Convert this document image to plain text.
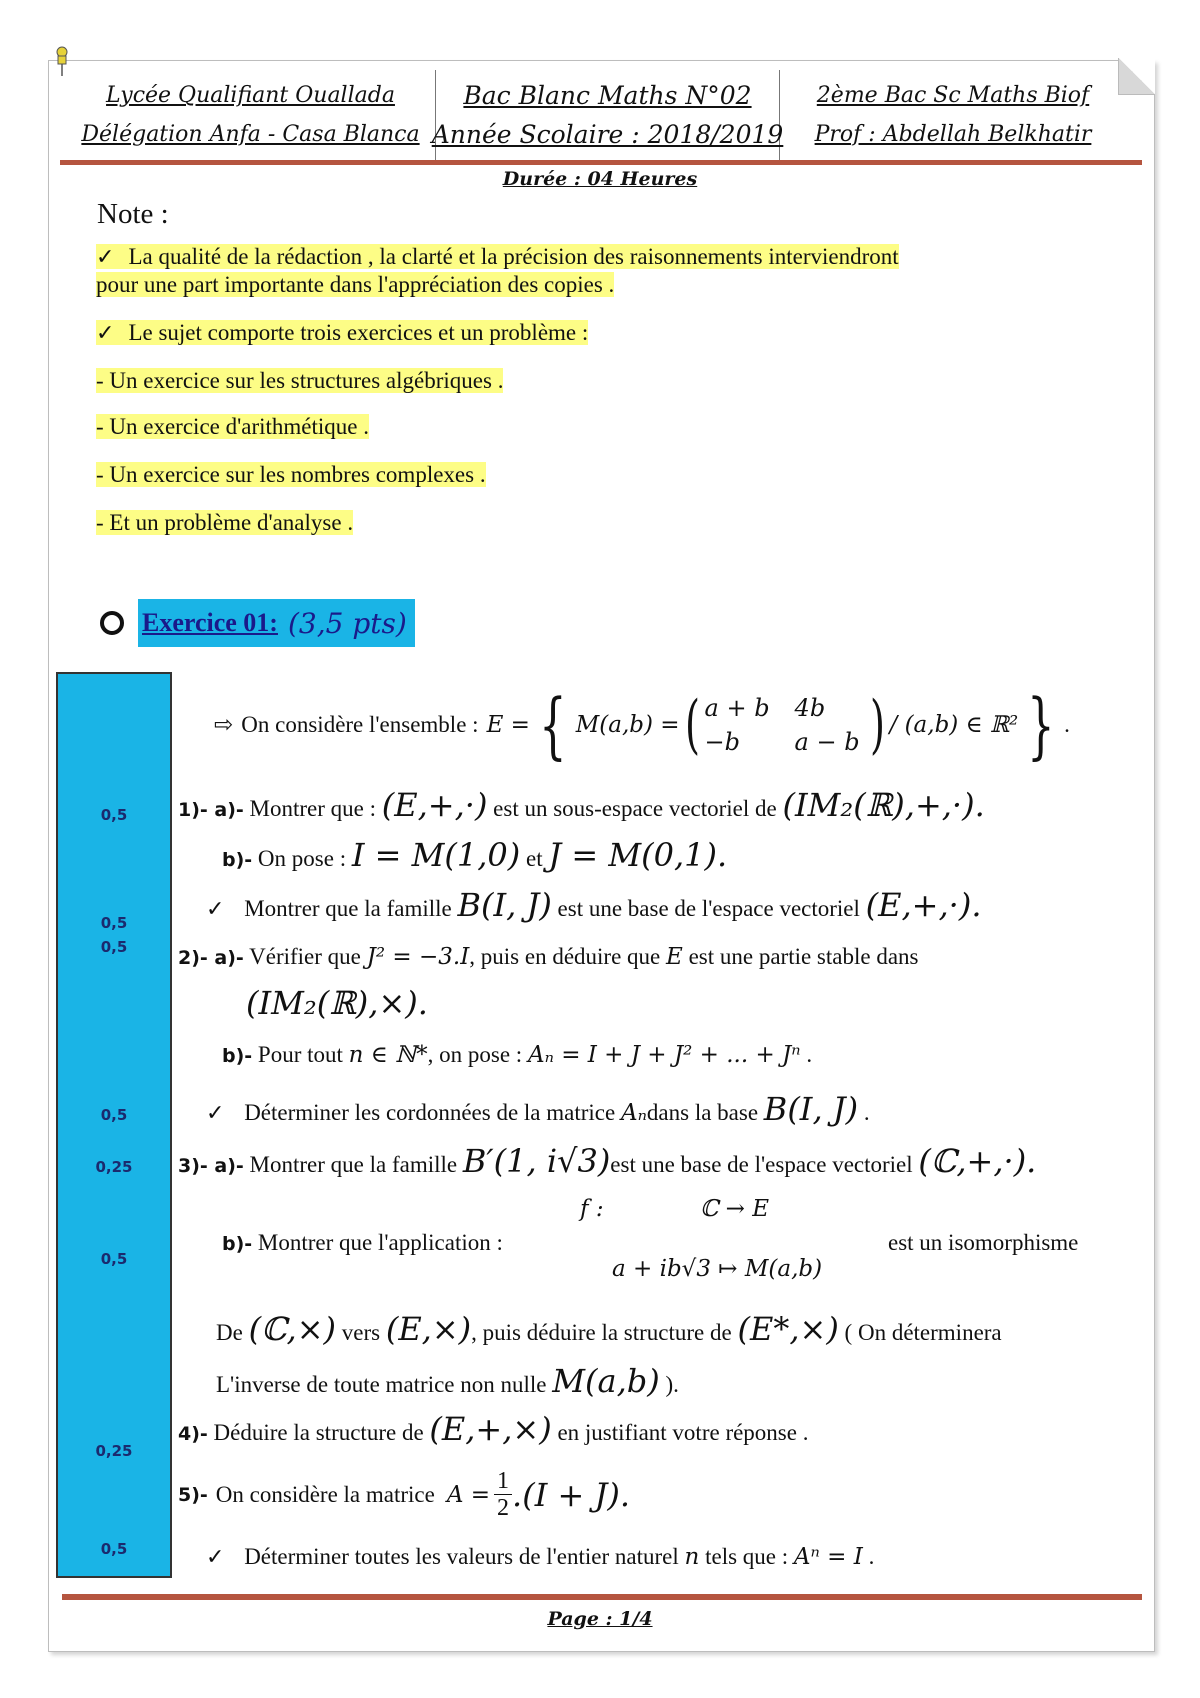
Lycée Qualifiant Ouallada
Délégation Anfa - Casa Blanca
Bac Blanc Maths N°02
Année Scolaire : 2018/2019
2ème Bac Sc Maths Biof
Prof : Abdellah Belkhatir
Durée : 04 Heures
Note :
✓ La qualité de la rédaction , la clarté et la précision des raisonnements interviendront
pour une part importante dans l'appréciation des copies .
✓ Le sujet comporte trois exercices et un problème :
- Un exercice sur les structures algébriques .
- Un exercice d'arithmétique .
- Un exercice sur les nombres complexes .
- Et un problème d'analyse .
Exercice 01: (3,5 pts)
0,5
0,5
0,5
0,5
0,25
0,5
0,25
0,5
⇨ On considère l'ensemble : E = { M(a,b) = ( a + b	4b
−b	a − b ) / (a,b) ∈ ℝ² } .
1)- a)- Montrer que : (E,+,·) est un sous-espace vectoriel de (IM₂(ℝ),+,·).
b)- On pose : I = M(1,0) et J = M(0,1).
✓ Montrer que la famille B(I, J) est une base de l'espace vectoriel (E,+,·).
2)- a)- Vérifier que J² = −3.I, puis en déduire que E est une partie stable dans
(IM₂(ℝ),×).
b)- Pour tout n ∈ ℕ*, on pose : Aₙ = I + J + J² + ... + Jⁿ .
✓ Déterminer les cordonnées de la matrice Aₙdans la base B(I, J) .
3)- a)- Montrer que la famille B′(1, i√3)est une base de l'espace vectoriel (ℂ,+,·).
f :	ℂ → E
b)- Montrer que l'application :	est un isomorphisme
a + ib√3 ↦ M(a,b)
De (ℂ,×) vers (E,×), puis déduire la structure de (E*,×) ( On déterminera
L'inverse de toute matrice non nulle M(a,b) ).
4)- Déduire la structure de (E,+,×) en justifiant votre réponse .
5)- On considère la matrice $A = \frac{1}{2} .(I + J)$.
✓ Déterminer toutes les valeurs de l'entier naturel n tels que : Aⁿ = I .
Page : 1/4
